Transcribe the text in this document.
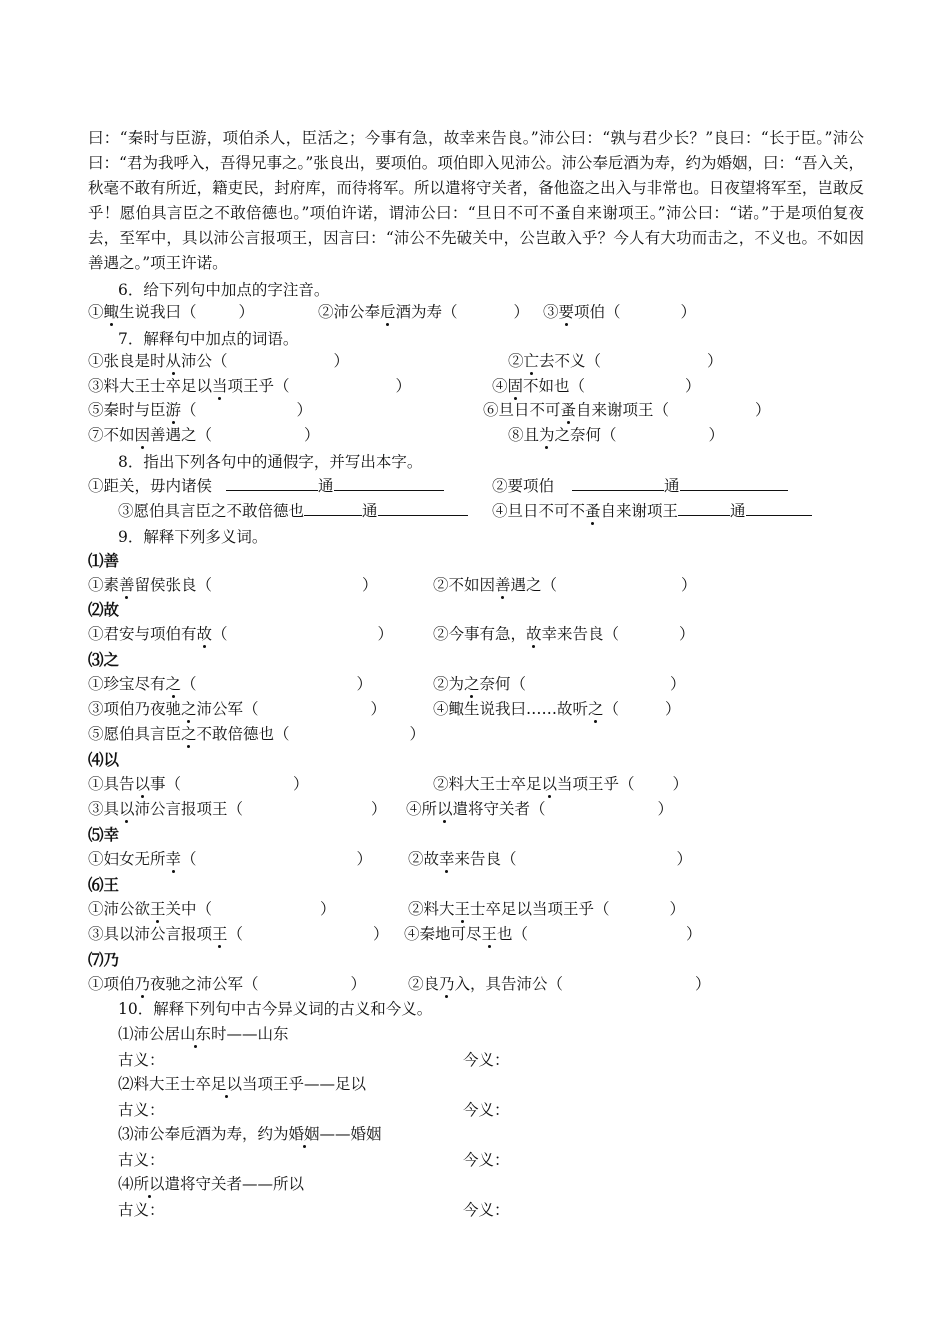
曰：“秦时与臣游，项伯杀人，臣活之；今事有急，故幸来告良。”沛公曰：“孰与君少长？”良曰：“长于臣。”沛公曰：“君为我呼入，吾得兄事之。”张良出，要项伯。项伯即入见沛公。沛公奉卮酒为寿，约为婚姻，曰：“吾入关，秋毫不敢有所近，籍吏民，封府库，而待将军。所以遣将守关者，备他盗之出入与非常也。日夜望将军至，岂敢反乎！愿伯具言臣之不敢倍德也。”项伯许诺，谓沛公曰：“旦日不可不蚤自来谢项王。”沛公曰：“诺。”于是项伯复夜去，至军中，具以沛公言报项王，因言曰：“沛公不先破关中，公岂敢入乎？今人有大功而击之，不义也。不如因善遇之。”项王许诺。

6．给下列句中加点的字注音。
①鲰生说我曰（	）	②沛公奉卮酒为寿（	） ③要项伯（	）
7．解释句中加点的词语。
①张良是时从沛公（	）	②亡去不义（	）
③料大王士卒足以当项王乎（	）	④固不如也（	）
⑤秦时与臣游（	）	⑥旦日不可蚤自来谢项王（	）
⑦不如因善遇之（	）	⑧且为之奈何（	）
8．指出下列各句中的通假字，并写出本字。
①距关，毋内诸侯	通	②要项伯	通
③愿伯具言臣之不敢倍德也	通	④旦日不可不蚤自来谢项王	通
9．解释下列多义词。
⑴善
①素善留侯张良（	）	②不如因善遇之（	）
⑵故
①君安与项伯有故（	）	②今事有急，故幸来告良（	）
⑶之
①珍宝尽有之（	）	②为之奈何（	）
③项伯乃夜驰之沛公军（	）	④鲰生说我曰……故听之（	）
⑤愿伯具言臣之不敢倍德也（	）
⑷以
①具告以事（	）	②料大王士卒足以当项王乎（ ）
③具以沛公言报项王（	） ④所以遣将守关者（	）
⑸幸
①妇女无所幸（	） ②故幸来告良（	）
⑹王
①沛公欲王关中（	）	②料大王士卒足以当项王乎（	）
③具以沛公言报项王（	） ④秦地可尽王也（	）
⑺乃
①项伯乃夜驰之沛公军（	）	②良乃入，具告沛公（	）
10．解释下列句中古今异义词的古义和今义。
⑴沛公居山东时——山东
古义：	今义：
⑵料大王士卒足以当项王乎——足以
古义：	今义：
⑶沛公奉卮酒为寿，约为婚姻——婚姻
古义：	今义：
⑷所以遣将守关者——所以
古义：	今义：
